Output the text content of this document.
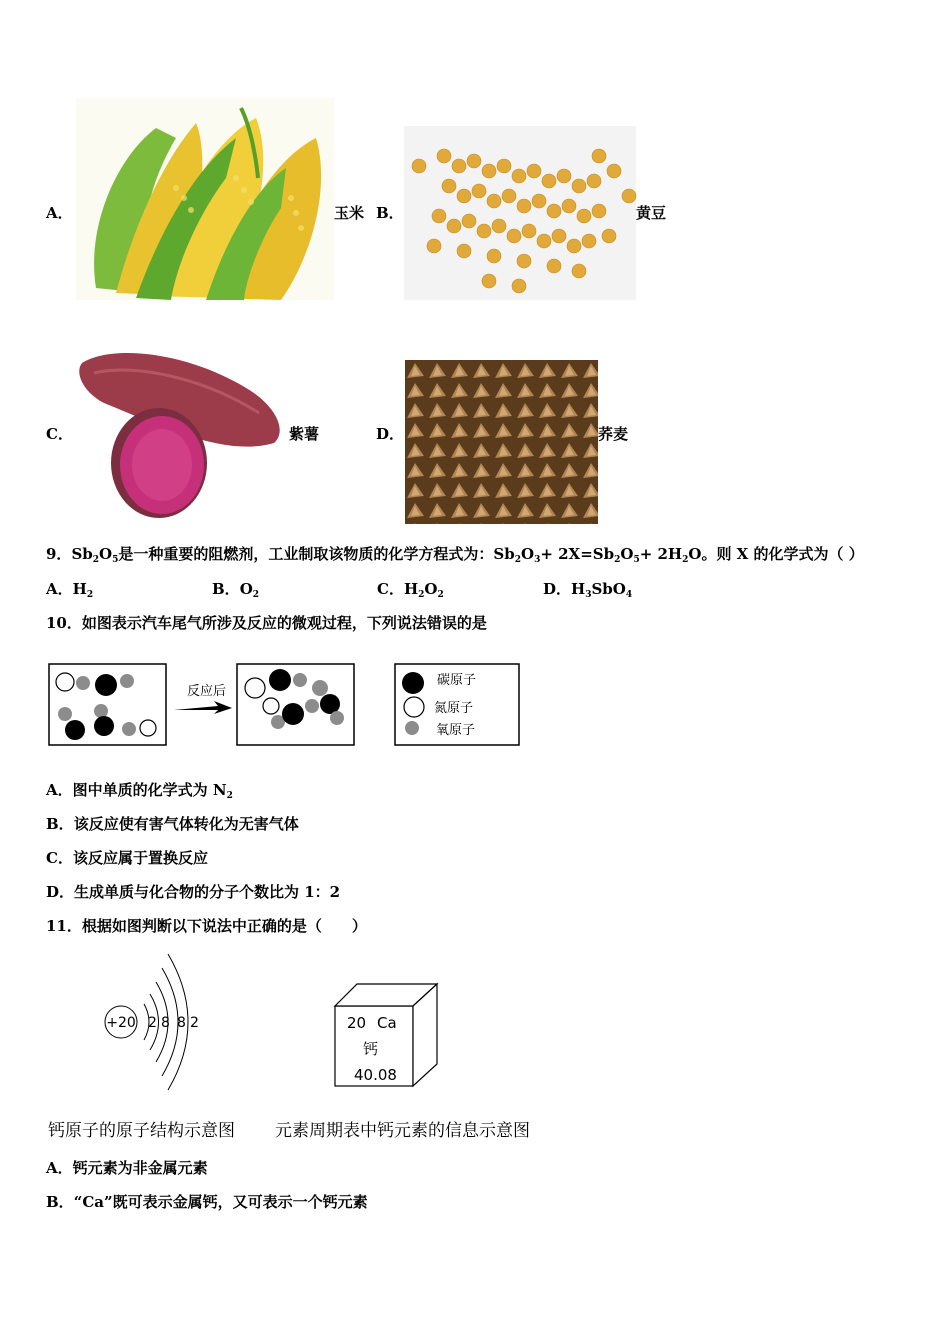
A．	玉米 B．	黄豆
C．	紫薯	D．	荞麦
9．$Sb_2O_5$是一种重要的阻燃剂，工业制取该物质的化学方程式为：$Sb_2O_3+ 2X=Sb_2O_5+ 2H_2O$。则 X 的化学式为（ ）
A．$H_2$	B．$O_2$	C．$H_2O_2$	D．$H_3SbO_4$
10．如图表示汽车尾气所涉及反应的微观过程，下列说法错误的是
反应后
碳原子
氮原子
氧原子
A．图中单质的化学式为 $N_2$
B．该反应使有害气体转化为无害气体
C．该反应属于置换反应
D．生成单质与化合物的分子个数比为 1：2
11．根据如图判断以下说法中正确的是（　　）
+20 2 8 8 2	20 Ca
钙
40.08
钙原子的原子结构示意图 元素周期表中钙元素的信息示意图
A．钙元素为非金属元素
B．“Ca”既可表示金属钙，又可表示一个钙元素
